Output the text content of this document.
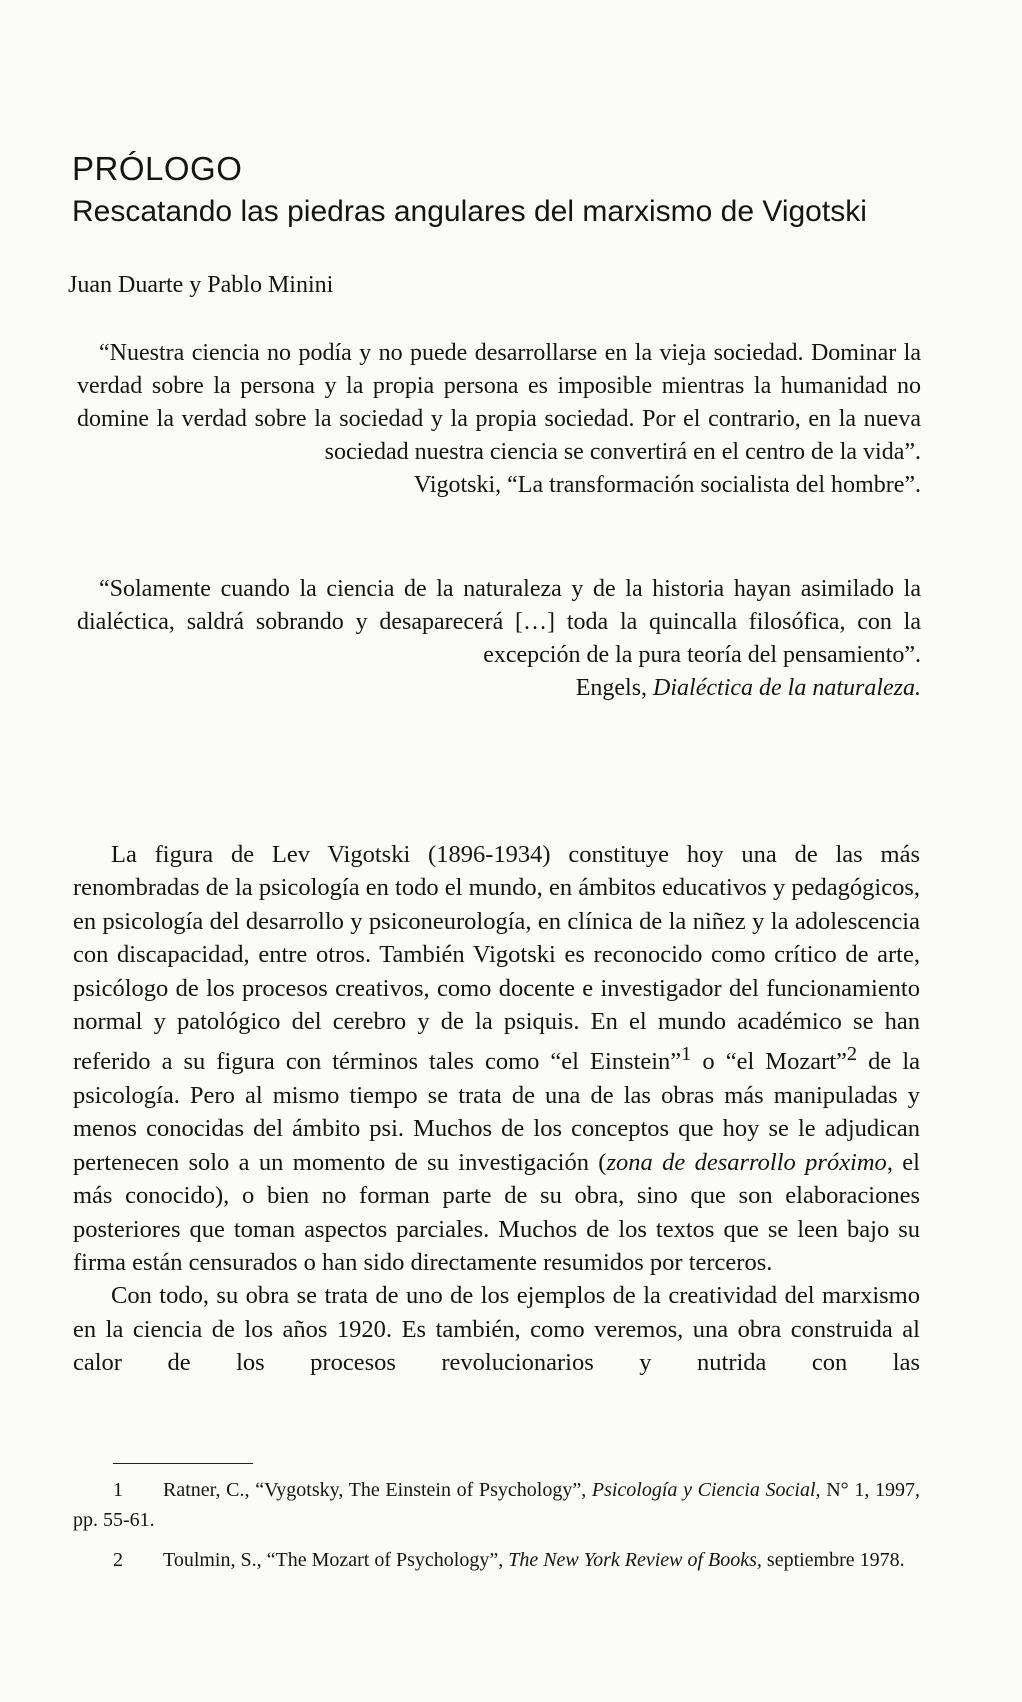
PRÓLOGO
Rescatando las piedras angulares del marxismo de Vigotski
Juan Duarte y Pablo Minini

“Nuestra ciencia no podía y no puede desarrollarse en la vieja sociedad. Dominar la verdad sobre la persona y la propia persona es imposible mientras la humanidad no domine la verdad sobre la sociedad y la propia sociedad. Por el contrario, en la nueva sociedad nuestra ciencia se convertirá en el centro de la vida”.

Vigotski, “La transformación socialista del hombre”.

“Solamente cuando la ciencia de la naturaleza y de la historia hayan asimilado la dialéctica, saldrá sobrando y desaparecerá […] toda la quincalla filosófica, con la excepción de la pura teoría del pensamiento”.

Engels, Dialéctica de la naturaleza.

La figura de Lev Vigotski (1896-1934) constituye hoy una de las más renombradas de la psicología en todo el mundo, en ámbitos educativos y pedagógicos, en psicología del desarrollo y psiconeurología, en clínica de la niñez y la adolescencia con discapacidad, entre otros. También Vigotski es reconocido como crítico de arte, psicólogo de los procesos creativos, como docente e investigador del funcionamiento normal y patológico del cerebro y de la psiquis. En el mundo académico se han referido a su figura con términos tales como “el Einstein”$^1$ o “el Mozart”$^2$ de la psicología. Pero al mismo tiempo se trata de una de las obras más manipuladas y menos conocidas del ámbito psi. Muchos de los conceptos que hoy se le adjudican pertenecen solo a un momento de su investigación (zona de desarrollo próximo, el más conocido), o bien no forman parte de su obra, sino que son elaboraciones posteriores que toman aspectos parciales. Muchos de los textos que se leen bajo su firma están censurados o han sido directamente resumidos por terceros.

Con todo, su obra se trata de uno de los ejemplos de la creatividad del marxismo en la ciencia de los años 1920. Es también, como veremos, una obra construida al calor de los procesos revolucionarios y nutrida con las

1 Ratner, C., “Vygotsky, The Einstein of Psychology”, Psicología y Ciencia Social, N° 1, 1997, pp. 55-61.

2 Toulmin, S., “The Mozart of Psychology”, The New York Review of Books, septiembre 1978.
